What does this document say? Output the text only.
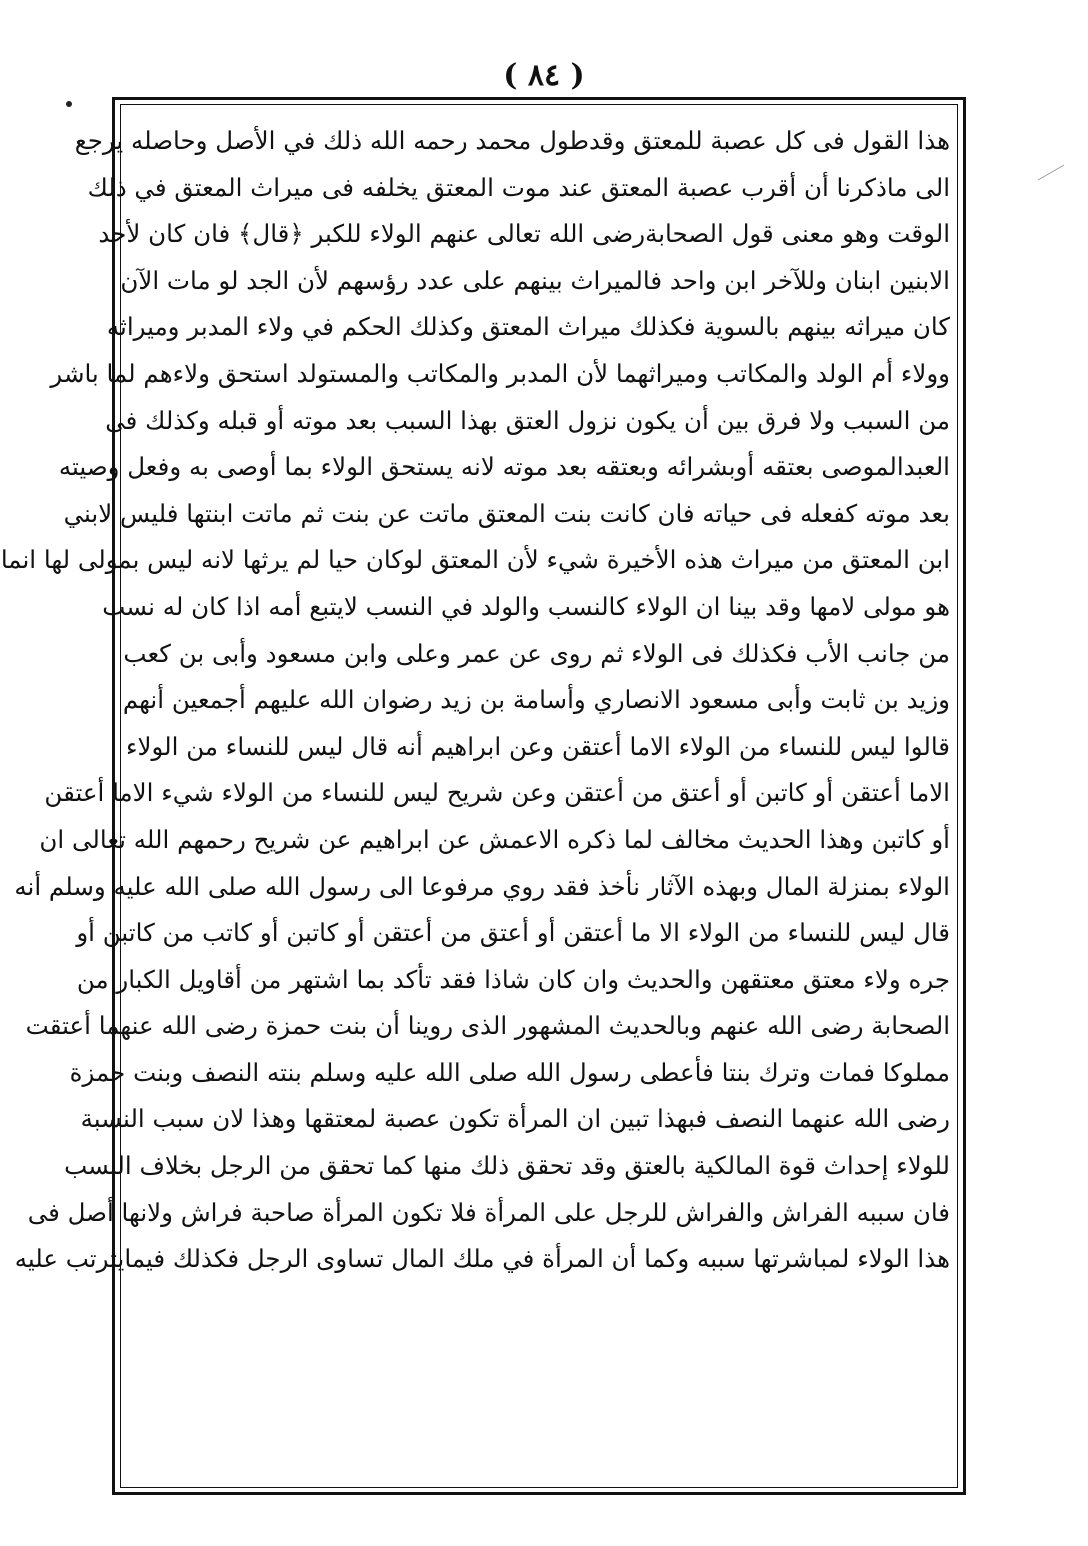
( ٨٤ )
هذا القول فى كل عصبة للمعتق وقدطول محمد رحمه الله ذلك في الأصل وحاصله يرجع
الى ماذكرنا أن أقرب عصبة المعتق عند موت المعتق يخلفه فى ميراث المعتق في ذلك
الوقت وهو معنى قول الصحابةرضى الله تعالى عنهم الولاء للكبر ﴿قال﴾ فان كان لأحد
الابنين ابنان وللآخر ابن واحد فالميراث بينهم على عدد رؤسهم لأن الجد لو مات الآن
كان ميراثه بينهم بالسوية فكذلك ميراث المعتق وكذلك الحكم في ولاء المدبر وميراثه
وولاء أم الولد والمكاتب وميراثهما لأن المدبر والمكاتب والمستولد استحق ولاءهم لما باشر
من السبب ولا فرق بين أن يكون نزول العتق بهذا السبب بعد موته أو قبله وكذلك فى
العبدالموصى بعتقه أوبشرائه وبعتقه بعد موته لانه يستحق الولاء بما أوصى به وفعل وصيته
بعد موته كفعله فى حياته فان كانت بنت المعتق ماتت عن بنت ثم ماتت ابنتها فليس لابني
ابن المعتق من ميراث هذه الأخيرة شيء لأن المعتق لوكان حيا لم يرثها لانه ليس بمولى لها انما
هو مولى لامها وقد بينا ان الولاء كالنسب والولد في النسب لايتبع أمه اذا كان له نسب
من جانب الأب فكذلك فى الولاء ثم روى عن عمر وعلى وابن مسعود وأبى بن كعب
وزيد بن ثابت وأبى مسعود الانصاري وأسامة بن زيد رضوان الله عليهم أجمعين أنهم
قالوا ليس للنساء من الولاء الاما أعتقن وعن ابراهيم أنه قال ليس للنساء من الولاء
الاما أعتقن أو كاتبن أو أعتق من أعتقن وعن شريح ليس للنساء من الولاء شيء الاما أعتقن
أو كاتبن وهذا الحديث مخالف لما ذكره الاعمش عن ابراهيم عن شريح رحمهم الله تعالى ان
الولاء بمنزلة المال وبهذه الآثار نأخذ فقد روي مرفوعا الى رسول الله صلى الله عليه وسلم أنه
قال ليس للنساء من الولاء الا ما أعتقن أو أعتق من أعتقن أو كاتبن أو كاتب من كاتبن أو
جره ولاء معتق معتقهن والحديث وان كان شاذا فقد تأكد بما اشتهر من أقاويل الكبار من
الصحابة رضى الله عنهم وبالحديث المشهور الذى روينا أن بنت حمزة رضى الله عنهما أعتقت
مملوكا فمات وترك بنتا فأعطى رسول الله صلى الله عليه وسلم بنته النصف وبنت حمزة
رضى الله عنهما النصف فبهذا تبين ان المرأة تكون عصبة لمعتقها وهذا لان سبب النسبة
للولاء إحداث قوة المالكية بالعتق وقد تحقق ذلك منها كما تحقق من الرجل بخلاف النسب
فان سببه الفراش والفراش للرجل على المرأة فلا تكون المرأة صاحبة فراش ولانها أصل فى
هذا الولاء لمباشرتها سببه وكما أن المرأة في ملك المال تساوى الرجل فكذلك فيمايترتب عليه
